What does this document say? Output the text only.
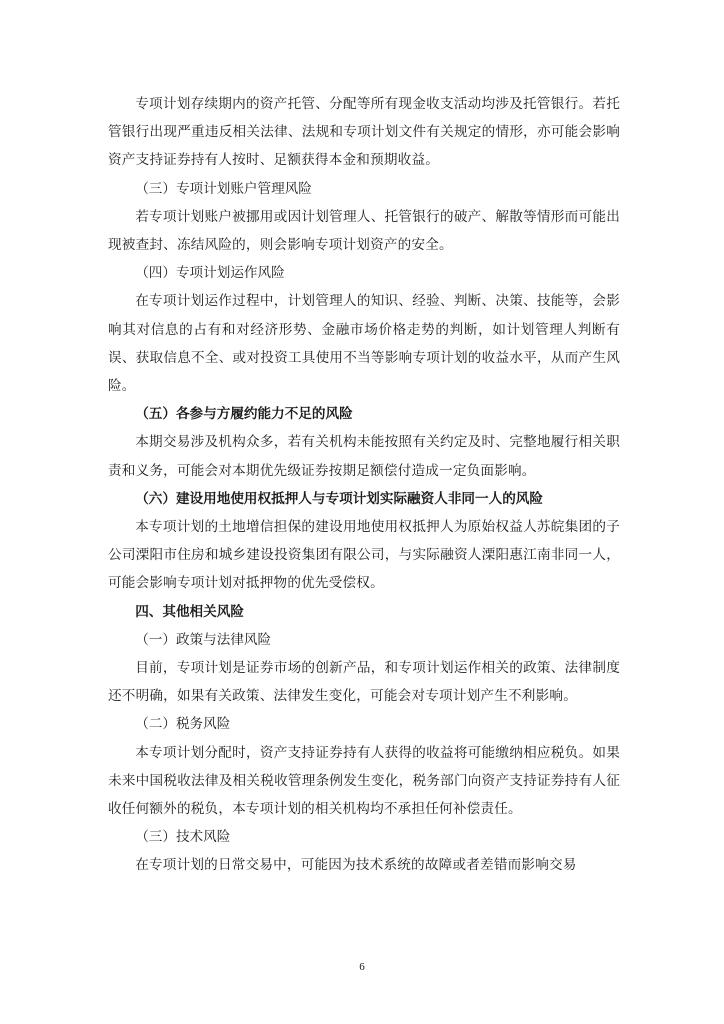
专项计划存续期内的资产托管、分配等所有现金收支活动均涉及托管银行。若托管银行出现严重违反相关法律、法规和专项计划文件有关规定的情形，亦可能会影响资产支持证券持有人按时、足额获得本金和预期收益。

（三）专项计划账户管理风险

若专项计划账户被挪用或因计划管理人、托管银行的破产、解散等情形而可能出现被查封、冻结风险的，则会影响专项计划资产的安全。

（四）专项计划运作风险

在专项计划运作过程中，计划管理人的知识、经验、判断、决策、技能等，会影响其对信息的占有和对经济形势、金融市场价格走势的判断，如计划管理人判断有误、获取信息不全、或对投资工具使用不当等影响专项计划的收益水平，从而产生风险。

（五）各参与方履约能力不足的风险

本期交易涉及机构众多，若有关机构未能按照有关约定及时、完整地履行相关职责和义务，可能会对本期优先级证券按期足额偿付造成一定负面影响。

（六）建设用地使用权抵押人与专项计划实际融资人非同一人的风险

本专项计划的土地增信担保的建设用地使用权抵押人为原始权益人苏皖集团的子公司溧阳市住房和城乡建设投资集团有限公司，与实际融资人溧阳惠江南非同一人，可能会影响专项计划对抵押物的优先受偿权。

四、其他相关风险

（一）政策与法律风险

目前，专项计划是证券市场的创新产品，和专项计划运作相关的政策、法律制度还不明确，如果有关政策、法律发生变化，可能会对专项计划产生不利影响。

（二）税务风险

本专项计划分配时，资产支持证券持有人获得的收益将可能缴纳相应税负。如果未来中国税收法律及相关税收管理条例发生变化，税务部门向资产支持证券持有人征收任何额外的税负，本专项计划的相关机构均不承担任何补偿责任。

（三）技术风险

在专项计划的日常交易中，可能因为技术系统的故障或者差错而影响交易

6
